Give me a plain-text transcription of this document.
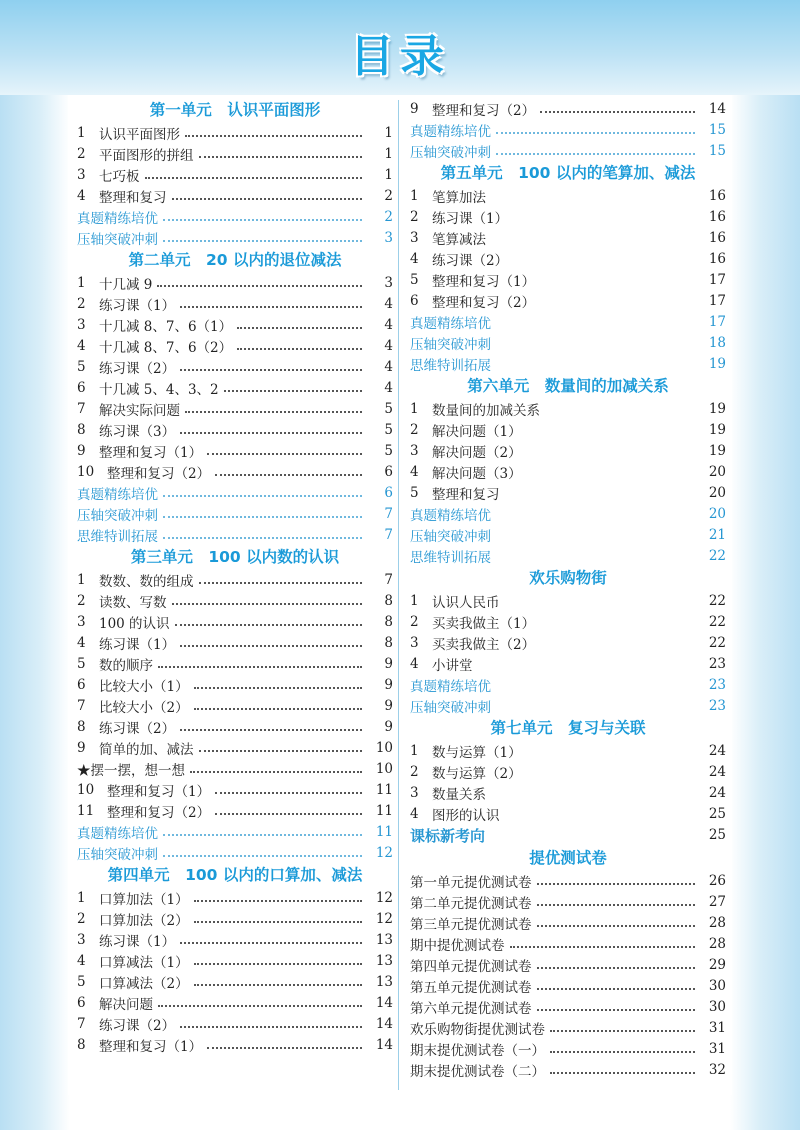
目录
第一单元　认识平面图形
1 认识平面图形	1
2 平面图形的拼组	1
3 七巧板	1
4 整理和复习	2
真题精练培优	2
压轴突破冲刺	3
第二单元　20 以内的退位减法
1 十几减 9	3
2 练习课（1）	4
3 十几减 8、7、6（1）	4
4 十几减 8、7、6（2）	4
5 练习课（2）	4
6 十几减 5、4、3、2	4
7 解决实际问题	5
8 练习课（3）	5
9 整理和复习（1）	5
10 整理和复习（2）	6
真题精练培优	6
压轴突破冲刺	7
思维特训拓展	7
第三单元　100 以内数的认识
1 数数、数的组成	7
2 读数、写数	8
3 100 的认识	8
4 练习课（1）	8
5 数的顺序	9
6 比较大小（1）	9
7 比较大小（2）	9
8 练习课（2）	9
9 简单的加、减法	10
★摆一摆，想一想	10
10 整理和复习（1）	11
11 整理和复习（2）	11
真题精练培优	11
压轴突破冲刺	12
第四单元　100 以内的口算加、减法
1 口算加法（1）	12
2 口算加法（2）	12
3 练习课（1）	13
4 口算减法（1）	13
5 口算减法（2）	13
6 解决问题	14
7 练习课（2）	14
8 整理和复习（1）	14
9 整理和复习（2）	14
真题精练培优	15
压轴突破冲刺	15
第五单元　100 以内的笔算加、减法
1 笔算加法	16
2 练习课（1）	16
3 笔算减法	16
4 练习课（2）	16
5 整理和复习（1）	17
6 整理和复习（2）	17
真题精练培优	17
压轴突破冲刺	18
思维特训拓展	19
第六单元　数量间的加减关系
1 数量间的加减关系	19
2 解决问题（1）	19
3 解决问题（2）	19
4 解决问题（3）	20
5 整理和复习	20
真题精练培优	20
压轴突破冲刺	21
思维特训拓展	22
欢乐购物街
1 认识人民币	22
2 买卖我做主（1）	22
3 买卖我做主（2）	22
4 小讲堂	23
真题精练培优	23
压轴突破冲刺	23
第七单元　复习与关联
1 数与运算（1）	24
2 数与运算（2）	24
3 数量关系	24
4 图形的认识	25
课标新考向	25
提优测试卷
第一单元提优测试卷	26
第二单元提优测试卷	27
第三单元提优测试卷	28
期中提优测试卷	28
第四单元提优测试卷	29
第五单元提优测试卷	30
第六单元提优测试卷	30
欢乐购物街提优测试卷	31
期末提优测试卷（一）	31
期末提优测试卷（二）	32
